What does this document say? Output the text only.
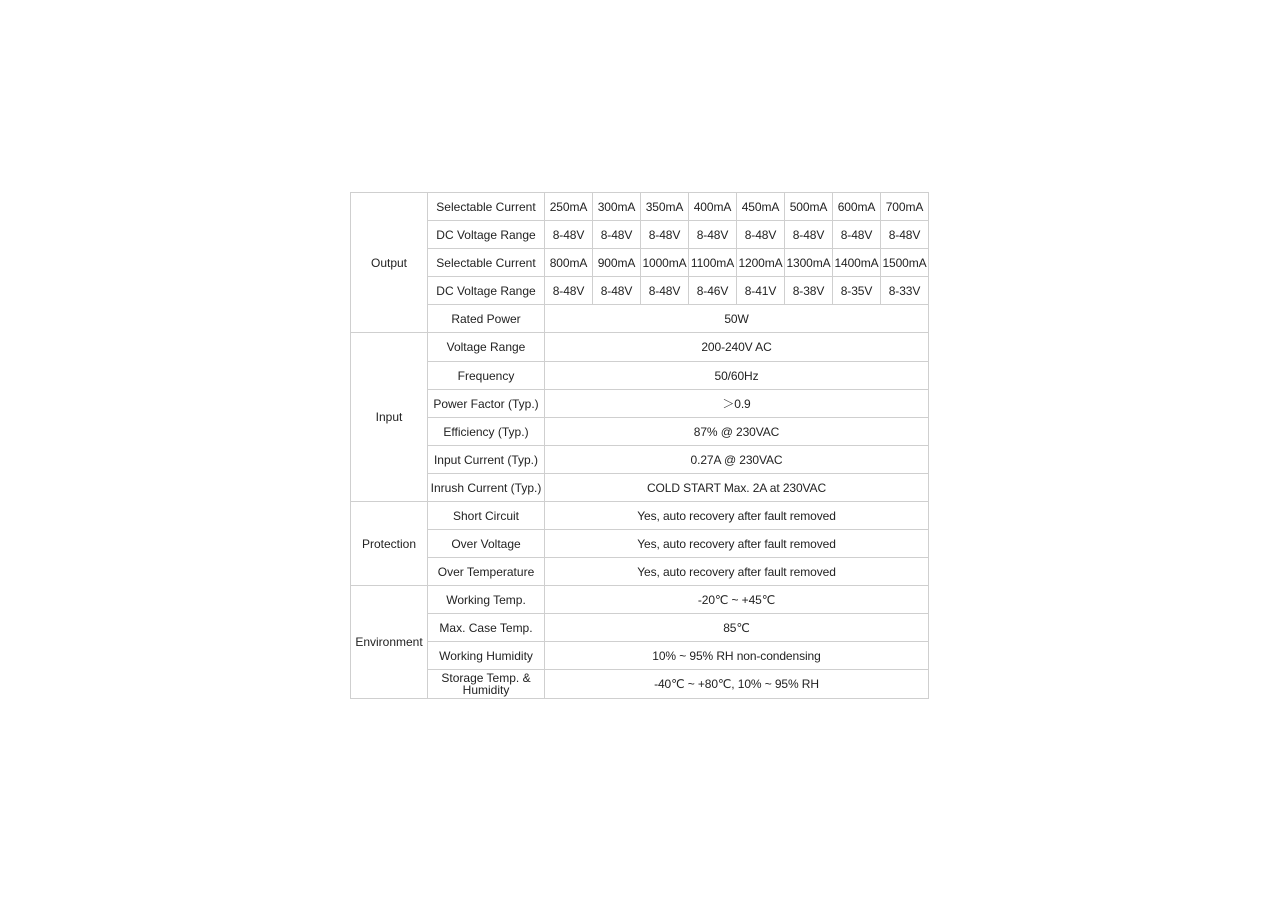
Output	Selectable Current	250mA	300mA	350mA	400mA	450mA	500mA	600mA	700mA
	DC Voltage Range	8-48V	8-48V	8-48V	8-48V	8-48V	8-48V	8-48V	8-48V
	Selectable Current	800mA	900mA	1000mA	1100mA	1200mA	1300mA	1400mA	1500mA
	DC Voltage Range	8-48V	8-48V	8-48V	8-46V	8-41V	8-38V	8-35V	8-33V
	Rated Power	50W							
Input	Voltage Range	200-240V AC							
	Frequency	50/60Hz							
	Power Factor (Typ.)	＞0.9							
	Efficiency (Typ.)	87% @ 230VAC							
	Input Current (Typ.)	0.27A @ 230VAC							
	Inrush Current (Typ.)	COLD START Max. 2A at 230VAC							
Protection	Short Circuit	Yes, auto recovery after fault removed							
	Over Voltage	Yes, auto recovery after fault removed							
	Over Temperature	Yes, auto recovery after fault removed							
Environment	Working Temp.	-20℃ ~ +45℃							
	Max. Case Temp.	85℃							
	Working Humidity	10% ~ 95% RH non-condensing							
	Storage Temp. & Humidity	-40℃ ~ +80℃, 10% ~ 95% RH							
